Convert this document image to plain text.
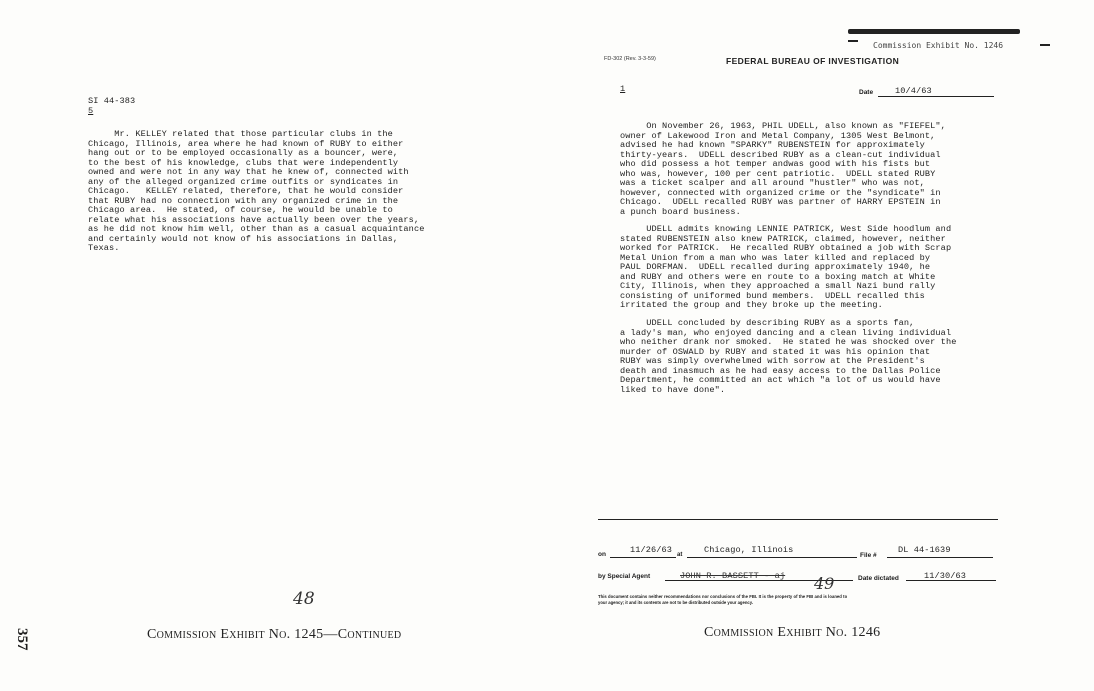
SI 44-383
5
Mr. KELLEY related that those particular clubs in the
Chicago, Illinois, area where he had known of RUBY to either
hang out or to be employed occasionally as a bouncer, were,
to the best of his knowledge, clubs that were independently
owned and were not in any way that he knew of, connected with
any of the alleged organized crime outfits or syndicates in
Chicago.   KELLEY related, therefore, that he would consider
that RUBY had no connection with any organized crime in the
Chicago area.  He stated, of course, he would be unable to
relate what his associations have actually been over the years,
as he did not know him well, other than as a casual acquaintance
and certainly would not know of his associations in Dallas,
Texas.
48
Commission Exhibit No. 1245—Continued
357
Commission Exhibit No. 1246
FD-302 (Rev. 3-3-59)	FEDERAL BUREAU OF INVESTIGATION
1	Date	10/4/63
On November 26, 1963, PHIL UDELL, also known as "FIEFEL",
owner of Lakewood Iron and Metal Company, 1305 West Belmont,
advised he had known "SPARKY" RUBENSTEIN for approximately
thirty-years.  UDELL described RUBY as a clean-cut individual
who did possess a hot temper andwas good with his fists but
who was, however, 100 per cent patriotic.  UDELL stated RUBY
was a ticket scalper and all around "hustler" who was not,
however, connected with organized crime or the "syndicate" in
Chicago.  UDELL recalled RUBY was partner of HARRY EPSTEIN in
a punch board business.
UDELL admits knowing LENNIE PATRICK, West Side hoodlum and
stated RUBENSTEIN also knew PATRICK, claimed, however, neither
worked for PATRICK.  He recalled RUBY obtained a job with Scrap
Metal Union from a man who was later killed and replaced by
PAUL DORFMAN.  UDELL recalled during approximately 1940, he
and RUBY and others were en route to a boxing match at White
City, Illinois, when they approached a small Nazi bund rally
consisting of uniformed bund members.  UDELL recalled this
irritated the group and they broke up the meeting.
UDELL concluded by describing RUBY as a sports fan,
a lady's man, who enjoyed dancing and a clean living individual
who neither drank nor smoked.  He stated he was shocked over the
murder of OSWALD by RUBY and stated it was his opinion that
RUBY was simply overwhelmed with sorrow at the President's
death and inasmuch as he had easy access to the Dallas Police
Department, he committed an act which "a lot of us would have
liked to have done".
on	11/26/63 at	Chicago, Illinois
File #
DL 44-1639
by Special Agent	JOHN R. BASSETT - aj	Date dictated	11/30/63
49
This document contains neither recommendations nor conclusions of the FBI. It is the property of the FBI and is loaned to
your agency; it and its contents are not to be distributed outside your agency.
Commission Exhibit No. 1246
